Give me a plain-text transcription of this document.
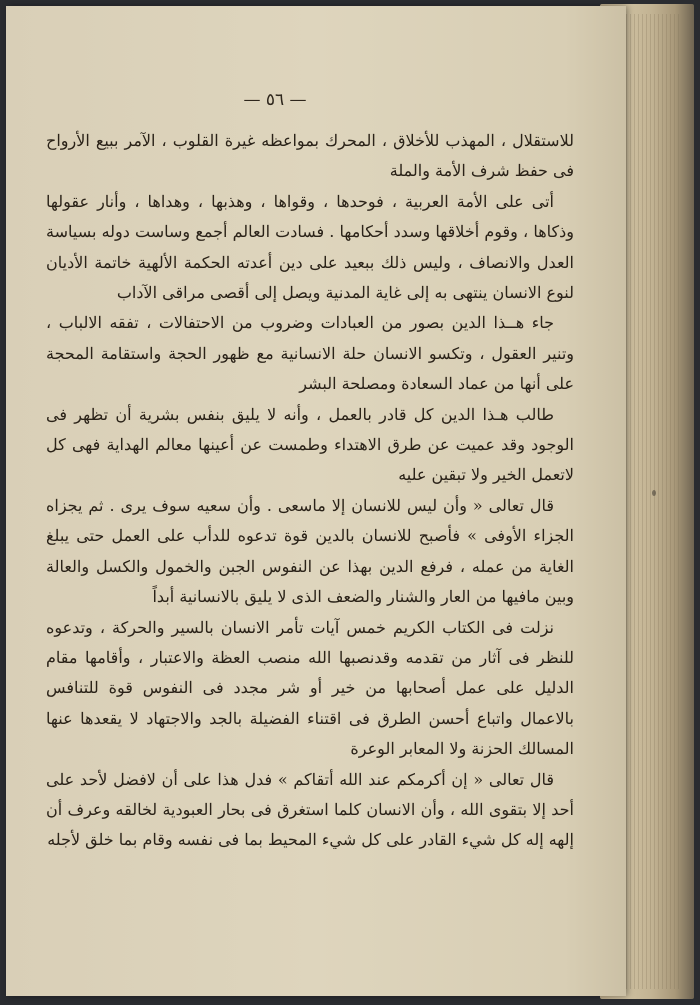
— ٥٦ —

للاستقلال ، المهذب للأخلاق ، المحرك بمواعظه غيرة القلوب ، الآمر ببيع الأرواح فى حفظ شرف الأمة والملة

أتى على الأمة العربية ، فوحدها ، وقواها ، وهذبها ، وهداها ، وأنار عقولها وذكاها ، وقوم أخلاقها وسدد أحكامها . فسادت العالم أجمع وساست دوله بسياسة العدل والانصاف ، وليس ذلك ببعيد على دين أعدته الحكمة الألهية خاتمة الأديان لنوع الانسان ينتهى به إلى غاية المدنية ويصل إلى أقصى مراقى الآداب

جاء هــذا الدين بصور من العبادات وضروب من الاحتفالات ، تفقه الالباب ، وتنير العقول ، وتكسو الانسان حلة الانسانية مع ظهور الحجة واستقامة المحجة على أنها من عماد السعادة ومصلحة البشر

طالب هـذا الدين كل قادر بالعمل ، وأنه لا يليق بنفس بشرية أن تظهر فى الوجود وقد عميت عن طرق الاهتداء وطمست عن أعينها معالم الهداية فهى كل لاتعمل الخير ولا تبقين عليه

قال تعالى « وأن ليس للانسان إلا ماسعى . وأن سعيه سوف يرى . ثم يجزاه الجزاء الأوفى » فأصبح للانسان بالدين قوة تدعوه للدأب على العمل حتى يبلغ الغاية من عمله ، فرفع الدين بهذا عن النفوس الجبن والخمول والكسل والعالة وبين مافيها من العار والشنار والضعف الذى لا يليق بالانسانية أبداً

نزلت فى الكتاب الكريم خمس آيات تأمر الانسان بالسير والحركة ، وتدعوه للنظر فى آثار من تقدمه وقدنصبها الله منصب العظة والاعتبار ، وأقامها مقام الدليل على عمل أصحابها من خير أو شر مجدد فى النفوس قوة للتنافس بالاعمال واتباع أحسن الطرق فى اقتناء الفضيلة بالجد والاجتهاد لا يقعدها عنها المسالك الحزنة ولا المعابر الوعرة

قال تعالى « إن أكرمكم عند الله أتقاكم » فدل هذا على أن لافضل لأحد على أحد إلا بتقوى الله ، وأن الانسان كلما استغرق فى بحار العبودية لخالقه وعرف أن إلهه إله كل شيء القادر على كل شيء المحيط بما فى نفسه وقام بما خلق لأجله
